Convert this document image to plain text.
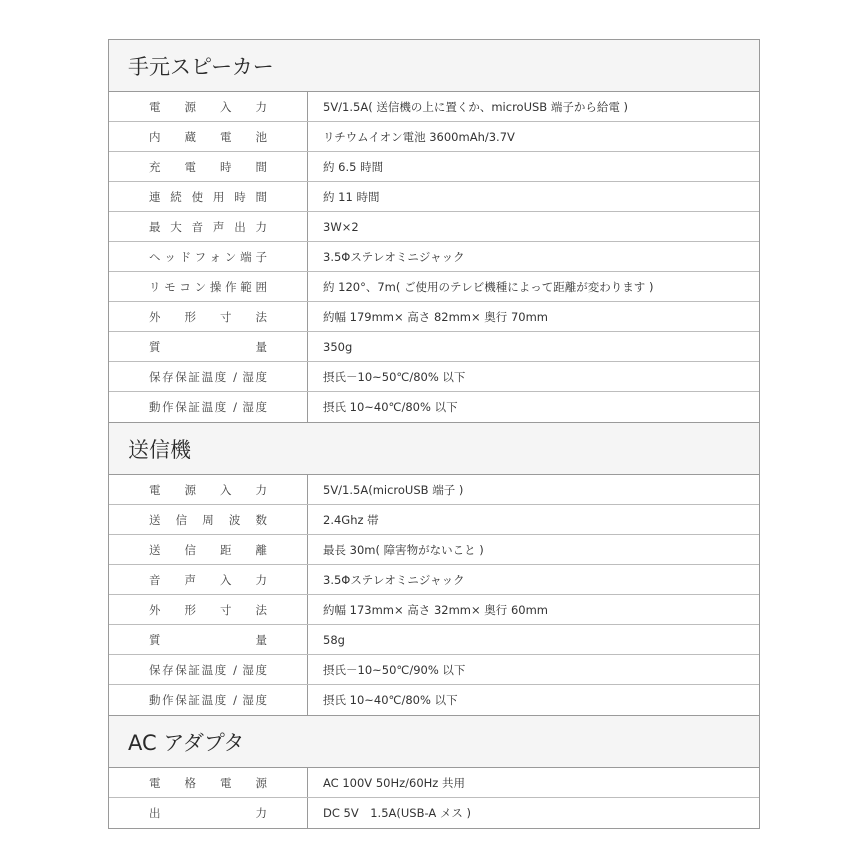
手元スピーカー
電　源　入　力	5V/1.5A( 送信機の上に置くか、microUSB 端子から給電 )
内　蔵　電　池	リチウムイオン電池 3600mAh/3.7V
充　電　時　間	約 6.5 時間
連続使用時間	約 11 時間
最大音声出力	3W×2
ヘッドフォン端子	3.5Φステレオミニジャック
リモコン操作範囲	約 120°、7m( ご使用のテレビ機種によって距離が変わります )
外　形　寸　法	約幅 179mm× 高さ 82mm× 奥行 70mm
質　　　　量	350g
保存保証温度 / 湿度	摂氏－10~50℃/80% 以下
動作保証温度 / 湿度	摂氏 10~40℃/80% 以下
送信機
電　源　入　力	5V/1.5A(microUSB 端子 )
送信周波数	2.4Ghz 帯
送　信　距　離	最長 30m( 障害物がないこと )
音　声　入　力	3.5Φステレオミニジャック
外　形　寸　法	約幅 173mm× 高さ 32mm× 奥行 60mm
質　　　　量	58g
保存保証温度 / 湿度	摂氏－10~50℃/90% 以下
動作保証温度 / 湿度	摂氏 10~40℃/80% 以下
AC アダプタ
電　格　電　源	AC 100V 50Hz/60Hz 共用
出　　　　力	DC 5V　1.5A(USB-A メス )
